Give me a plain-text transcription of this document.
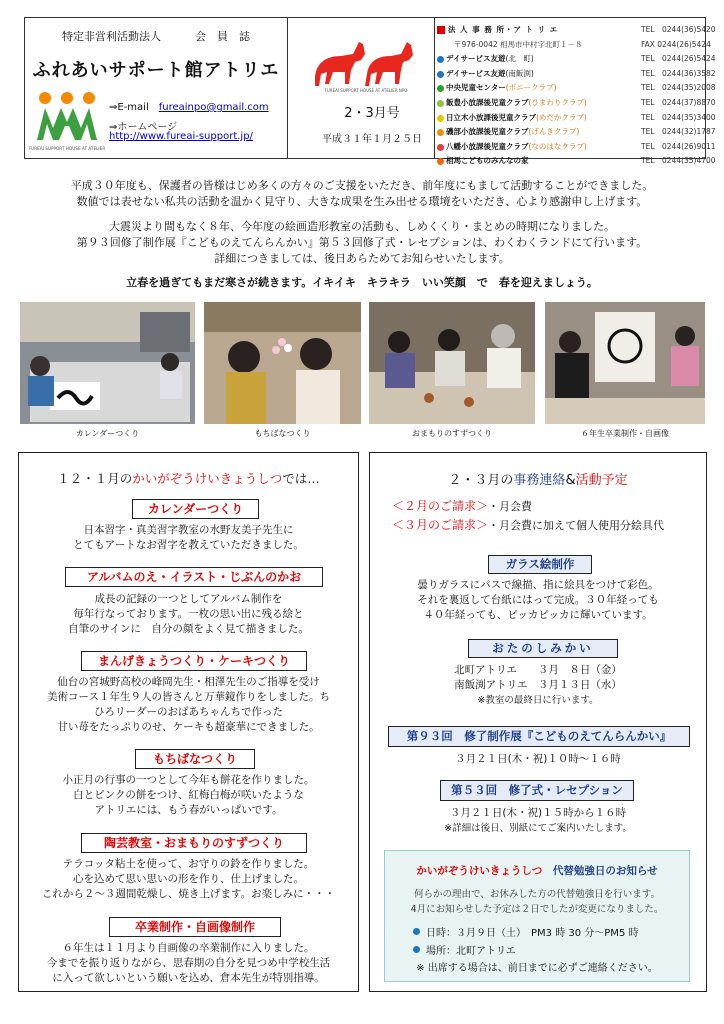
特定非営利活動法人	会　員　誌
ふれあいサポート館アトリエ
FUREAI SUPPORT HOUSE AT ATELIER
⇒E-mail　 fureainpo@gmail.com
⇒ホームページ
http://www.fureai-support.jp/
FUREAI SUPPORT HOUSE AT ATELIER NPO
2・3月号
平成３１年１月２５日
法 人 事 務 所・ア ト リ エ	TEL　0244(36)5420
〒976-0042 相馬市中村字北町１－８	FAX 0244(26)5424
デイサービス友遊(北　町)	TEL　0244(26)5424
デイサービス友遊(南飯渕)	TEL　0244(36)3582
中央児童センター(ポニークラブ)	TEL　0244(35)2008
飯豊小放課後児童クラブ(ひまわりクラブ)	TEL　0244(37)8870
日立木小放課後児童クラブ(めだかクラブ)	TEL　0244(35)3400
磯部小放課後児童クラブ(げんきクラブ)	TEL　0244(32)1787
八幡小放課後児童クラブ(なのはなクラブ)	TEL　0244(26)9011
相馬こどものみんなの家	TEL　0244(35)4700
平成３０年度も、保護者の皆様はじめ多くの方々のご支援をいただき、前年度にもまして活動することができました。
数値では表せない私共の活動を温かく見守り、大きな成果を生み出せる環境をいただき、心より感謝申し上げます。
大震災より間もなく８年、今年度の絵画造形教室の活動も、しめくくり・まとめの時期になりました。
第９３回修了制作展『こどものえてんらんかい』第５３回修了式・レセプションは、わくわくランドにて行います。
詳細につきましては、後日あらためてお知らせいたします。
立春を過ぎてもまだ寒さが続きます。イキイキ　キラキラ　いい笑顔　で　春を迎えましょう。
カレンダーつくり	もちばなつくり	おまもりのすずつくり	６年生卒業制作・自画像
１２・１月のかいがぞうけいきょうしつでは…
カレンダーつくり
日本習字・真美習字教室の水野友美子先生に
とてもアートなお習字を教えていただきました。
アルバムのえ・イラスト・じぶんのかお
成長の記録の一つとしてアルバム制作を
毎年行なっております。一枚の思い出に残る絵と
自筆のサインに　自分の顔をよく見て描きました。
まんげきょうつくり・ケーキつくり
仙台の宮城野高校の峰岡先生・相澤先生のご指導を受け
美術コース１年生９人の皆さんと万華鏡作りをしました。ち
ひろリーダーのおばあちゃんちで作った
甘い苺をたっぷりのせ、ケーキも超豪華にできました。
もちばなつくり
小正月の行事の一つとして今年も餅花を作りました。
白とピンクの餅をつけ、紅梅白梅が咲いたような
アトリエには、もう春がいっぱいです。
陶芸教室・おまもりのすずつくり
テラコッタ粘土を使って、お守りの鈴を作りました。
心を込めて思い思いの形を作り、仕上げました。
これから２～３週間乾燥し、焼き上げます。お楽しみに・・・
卒業制作・自画像制作
６年生は１１月より自画像の卒業制作に入りました。
今までを振り返りながら、思春期の自分を見つめ中学校生活
に入って欲しいという願いを込め、倉本先生が特別指導。
２・３月の事務連絡&活動予定
＜２月のご請求＞・月会費
＜３月のご請求＞・月会費に加えて個人使用分絵具代
ガラス絵制作
曇りガラスにパスで線描、指に絵具をつけて彩色。
それを裏返して台紙にはって完成。３０年経っても
４０年経っても、ピッカピッカに輝いています。
おたのしみかい
北町アトリエ　　３月　８日（金）
南飯渕アトリエ　３月１３日（水）
※教室の最終日に行います。
第９３回　修了制作展『こどものえてんらんかい』
３月２１日(木・祝)１０時～１６時
第５３回　修了式・レセプション
３月２１日(木・祝)１５時から１６時
※詳細は後日、別紙にてご案内いたします。
かいがぞうけいきょうしつ　 代替勉強日のお知らせ
何らかの理由で、お休みした方の代替勉強日を行います。
4月にお知らせした予定は２日でしたが変更になりました。
日時：３月９日（土）　PM3 時 30 分～PM5 時
場所：北町アトリエ
※ 出席する場合は、前日までに必ずご連絡ください。
